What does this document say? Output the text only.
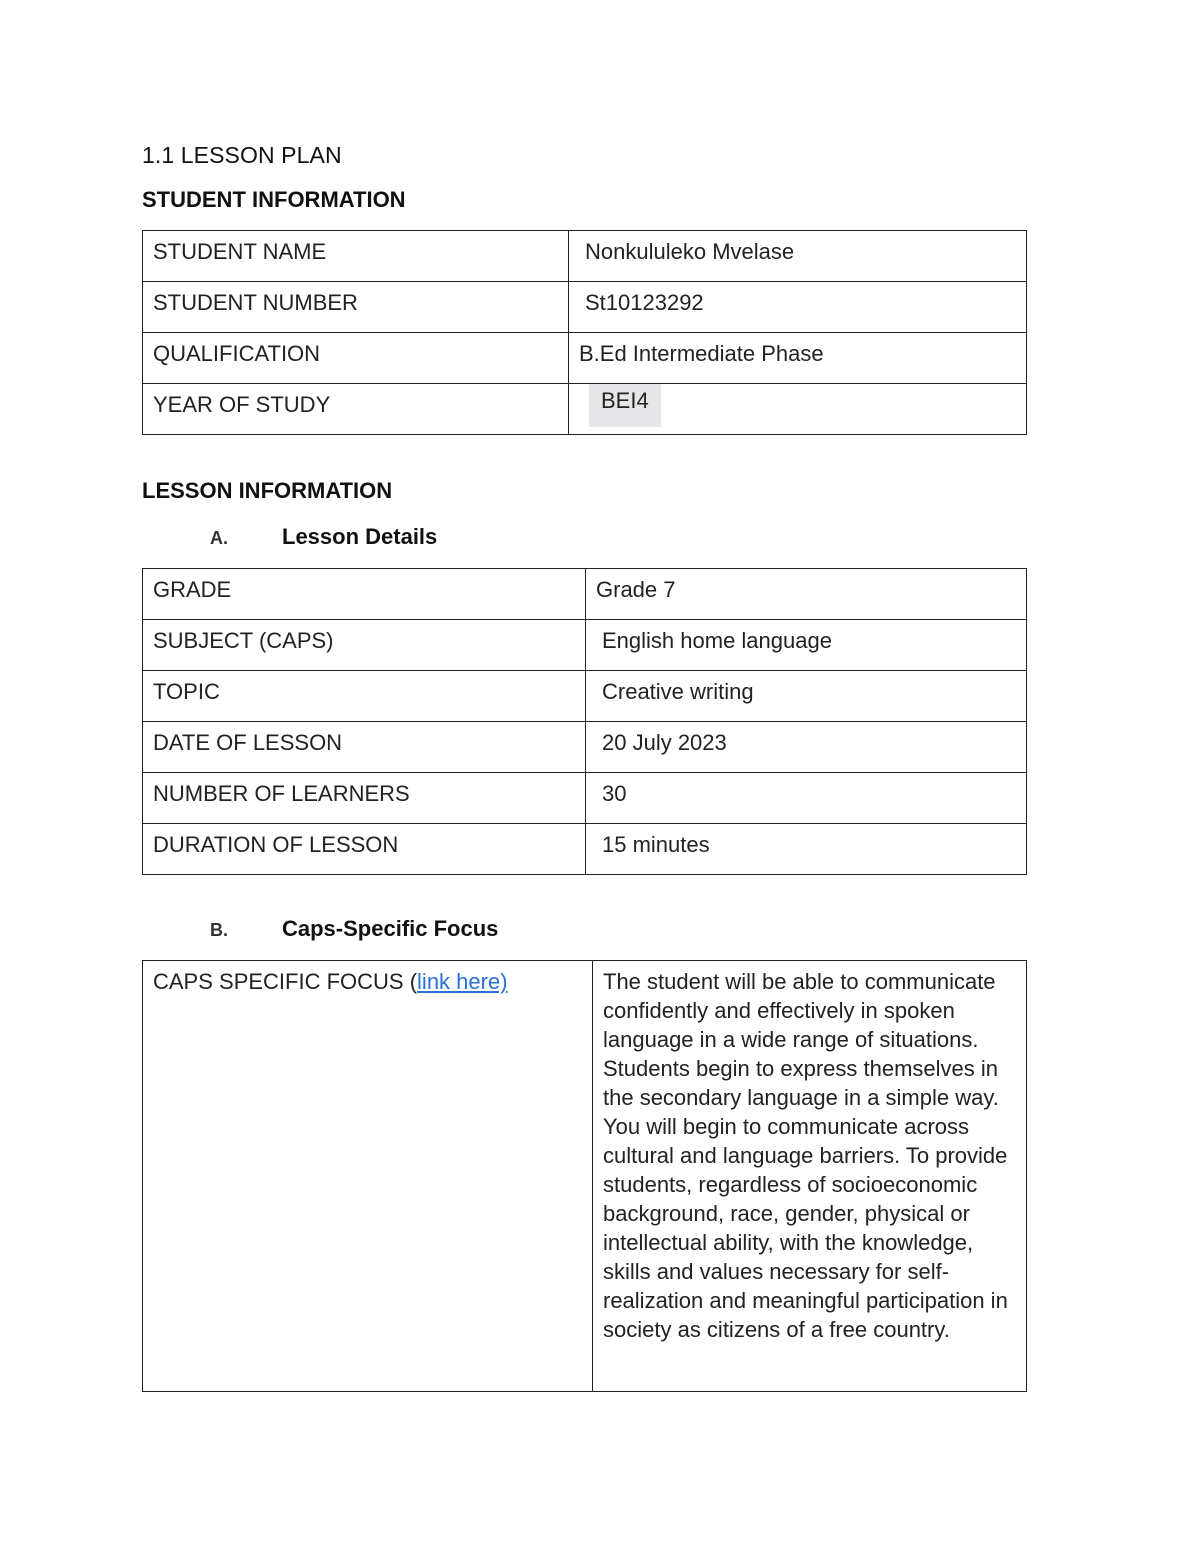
1.1 LESSON PLAN
STUDENT INFORMATION
STUDENT NAME	Nonkululeko Mvelase
STUDENT NUMBER	St10123292
QUALIFICATION	B.Ed Intermediate Phase
YEAR OF STUDY	BEI4
LESSON INFORMATION
A.	Lesson Details
GRADE	Grade 7
SUBJECT (CAPS)	English home language
TOPIC	Creative writing
DATE OF LESSON	20 July 2023
NUMBER OF LEARNERS	30
DURATION OF LESSON	15 minutes
B.	Caps-Specific Focus
CAPS SPECIFIC FOCUS (link here)	The student will be able to communicate confidently and effectively in spoken language in a wide range of situations. Students begin to express themselves in the secondary language in a simple way. You will begin to communicate across cultural and language barriers. To provide students, regardless of socioeconomic background, race, gender, physical or intellectual ability, with the knowledge, skills and values necessary for self-realization and meaningful participation in society as citizens of a free country.
